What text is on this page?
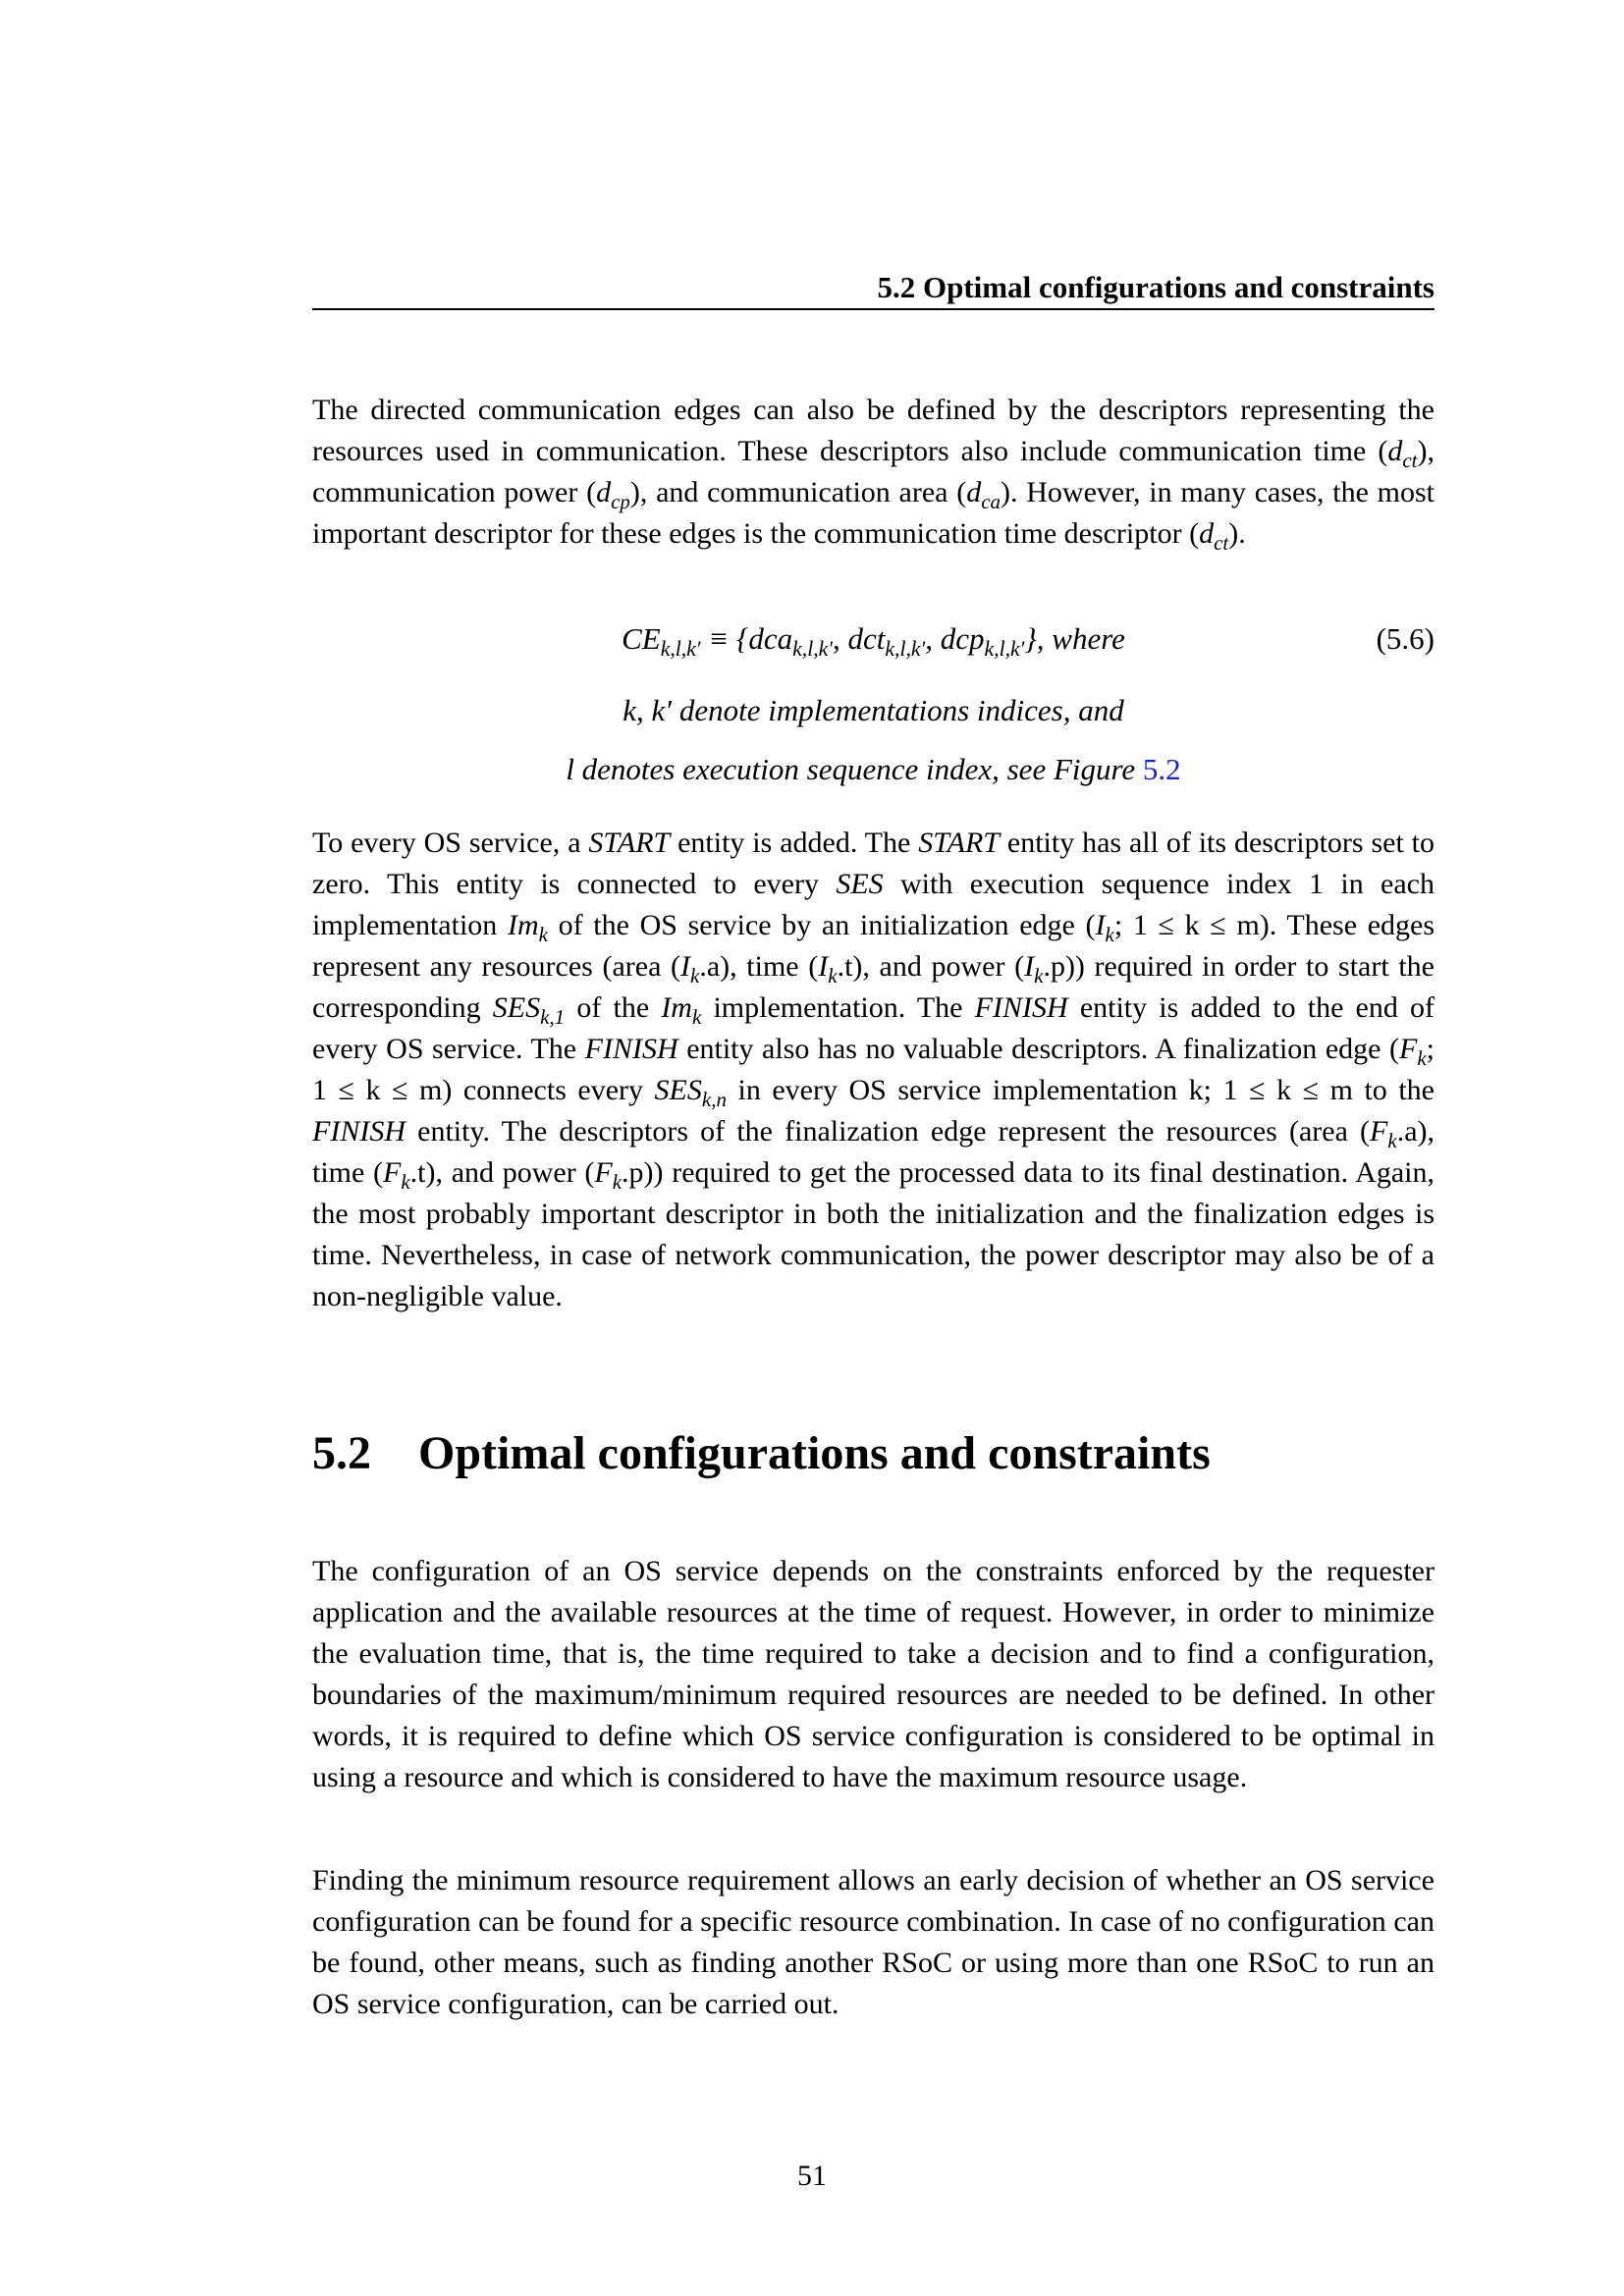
5.2 Optimal configurations and constraints

The directed communication edges can also be defined by the descriptors representing the resources used in communication. These descriptors also include communication time $(d_{ct})$, communication power $(d_{cp})$, and communication area $(d_{ca})$. However, in many cases, the most important descriptor for these edges is the communication time descriptor $(d_{ct})$.

$CE_{k,l,k'} \equiv \{dca_{k,l,k'}$, dct$_{k,l,k'}$, dcp$_{k,l,k'}$}, where	(5.6)
k, k′ denote implementations indices, and
l denotes execution sequence index, see Figure 5.2

To every OS service, a START entity is added. The START entity has all of its descriptors set to zero. This entity is connected to every SES with execution sequence index 1 in each implementation $Im_k$ of the OS service by an initialization edge ($I_k$; 1 ≤ k ≤ m). These edges represent any resources (area $(I_k.a)$, time $(I_k.t)$, and power $(I_k.p)$) required in order to start the corresponding $SES_{k,1}$ of the $Im_k$ implementation. The FINISH entity is added to the end of every OS service. The FINISH entity also has no valuable descriptors. A finalization edge ($F_k$; 1 ≤ k ≤ m) connects every $SES_{k,n}$ in every OS service implementation k; 1 ≤ k ≤ m to the FINISH entity. The descriptors of the finalization edge represent the resources (area $(F_k.a)$, time $(F_k.t)$, and power $(F_k.p)$) required to get the processed data to its final destination. Again, the most probably important descriptor in both the initialization and the finalization edges is time. Nevertheless, in case of network communication, the power descriptor may also be of a non-negligible value.

5.2 Optimal configurations and constraints

The configuration of an OS service depends on the constraints enforced by the requester application and the available resources at the time of request. However, in order to minimize the evaluation time, that is, the time required to take a decision and to find a configuration, boundaries of the maximum/minimum required resources are needed to be defined. In other words, it is required to define which OS service configuration is considered to be optimal in using a resource and which is considered to have the maximum resource usage.

Finding the minimum resource requirement allows an early decision of whether an OS service configuration can be found for a specific resource combination. In case of no configuration can be found, other means, such as finding another RSoC or using more than one RSoC to run an OS service configuration, can be carried out.

51
